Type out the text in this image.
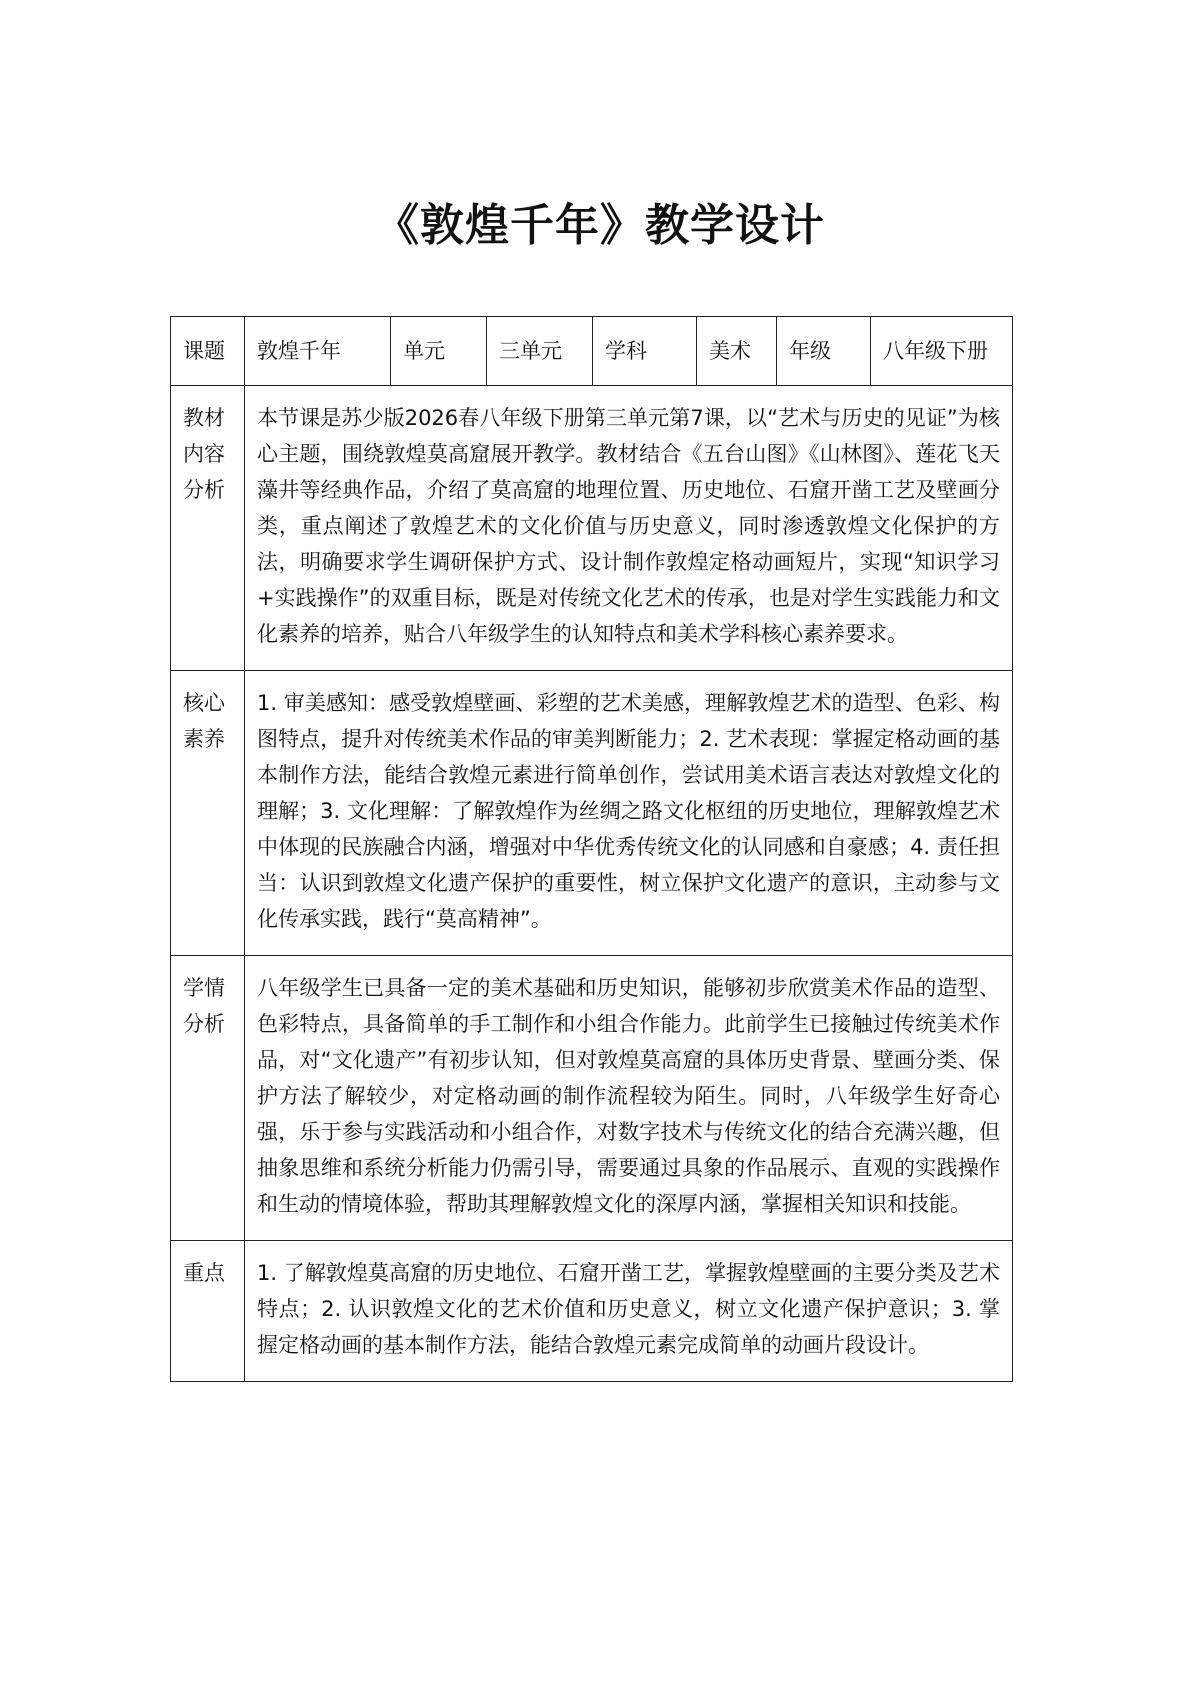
《敦煌千年》教学设计
课题	敦煌千年	单元	三单元	学科	美术	年级	八年级下册
教材内容分析	本节课是苏少版2026春八年级下册第三单元第7课，以“艺术与历史的见证”为核心主题，围绕敦煌莫高窟展开教学。教材结合《五台山图》《山林图》、莲花飞天藻井等经典作品，介绍了莫高窟的地理位置、历史地位、石窟开凿工艺及壁画分类，重点阐述了敦煌艺术的文化价值与历史意义，同时渗透敦煌文化保护的方法，明确要求学生调研保护方式、设计制作敦煌定格动画短片，实现“知识学习+实践操作”的双重目标，既是对传统文化艺术的传承，也是对学生实践能力和文化素养的培养，贴合八年级学生的认知特点和美术学科核心素养要求。						
核心素养	1. 审美感知：感受敦煌壁画、彩塑的艺术美感，理解敦煌艺术的造型、色彩、构图特点，提升对传统美术作品的审美判断能力；2. 艺术表现：掌握定格动画的基本制作方法，能结合敦煌元素进行简单创作，尝试用美术语言表达对敦煌文化的理解；3. 文化理解：了解敦煌作为丝绸之路文化枢纽的历史地位，理解敦煌艺术中体现的民族融合内涵，增强对中华优秀传统文化的认同感和自豪感；4. 责任担当：认识到敦煌文化遗产保护的重要性，树立保护文化遗产的意识，主动参与文化传承实践，践行“莫高精神”。						
学情分析	八年级学生已具备一定的美术基础和历史知识，能够初步欣赏美术作品的造型、色彩特点，具备简单的手工制作和小组合作能力。此前学生已接触过传统美术作品，对“文化遗产”有初步认知，但对敦煌莫高窟的具体历史背景、壁画分类、保护方法了解较少，对定格动画的制作流程较为陌生。同时，八年级学生好奇心强，乐于参与实践活动和小组合作，对数字技术与传统文化的结合充满兴趣，但抽象思维和系统分析能力仍需引导，需要通过具象的作品展示、直观的实践操作和生动的情境体验，帮助其理解敦煌文化的深厚内涵，掌握相关知识和技能。						
重点	1. 了解敦煌莫高窟的历史地位、石窟开凿工艺，掌握敦煌壁画的主要分类及艺术特点；2. 认识敦煌文化的艺术价值和历史意义，树立文化遗产保护意识；3. 掌握定格动画的基本制作方法，能结合敦煌元素完成简单的动画片段设计。						
